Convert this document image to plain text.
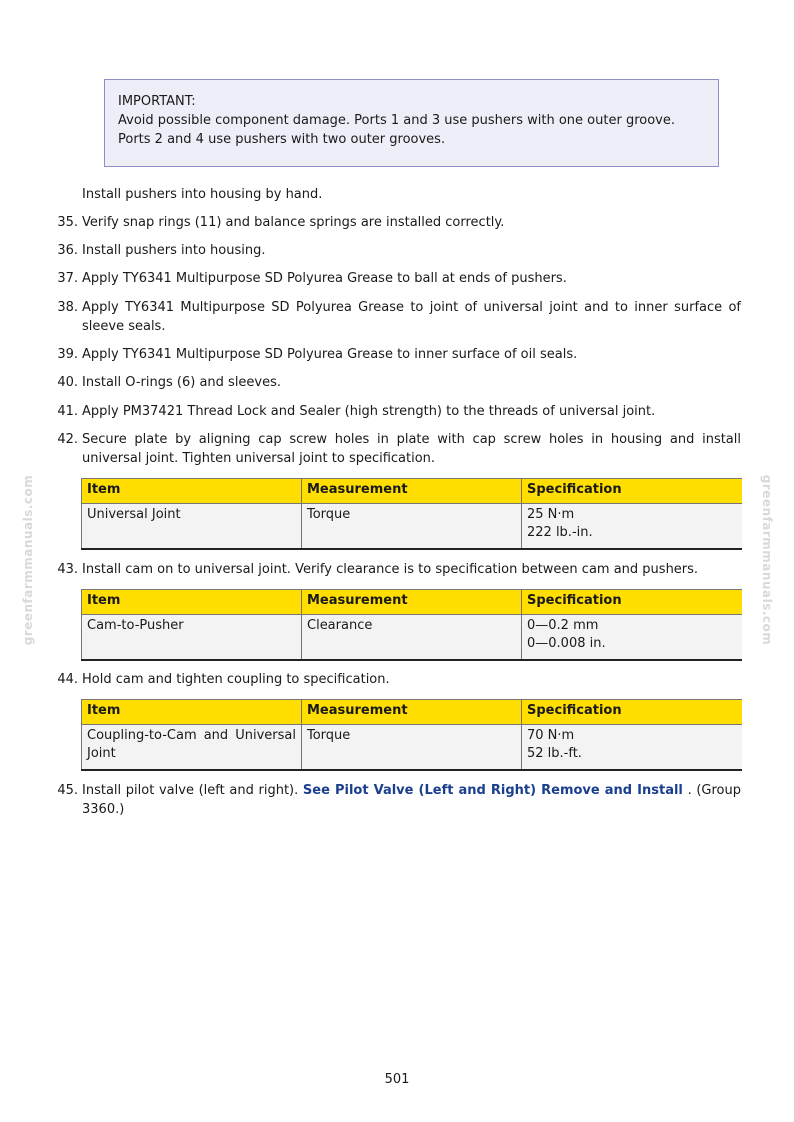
IMPORTANT:
Avoid possible component damage. Ports 1 and 3 use pushers with one outer groove. Ports 2 and 4 use pushers with two outer grooves.
Install pushers into housing by hand.
35. Verify snap rings (11) and balance springs are installed correctly.
36. Install pushers into housing.
37. Apply TY6341 Multipurpose SD Polyurea Grease to ball at ends of pushers.
38. Apply TY6341 Multipurpose SD Polyurea Grease to joint of universal joint and to inner surface of sleeve seals.
39. Apply TY6341 Multipurpose SD Polyurea Grease to inner surface of oil seals.
40. Install O-rings (6) and sleeves.
41. Apply PM37421 Thread Lock and Sealer (high strength) to the threads of universal joint.
42. Secure plate by aligning cap screw holes in plate with cap screw holes in housing and install universal joint. Tighten universal joint to specification.
Item	Measurement	Specification
Universal Joint	Torque	25 N·m
222 lb.-in.
43. Install cam on to universal joint. Verify clearance is to specification between cam and pushers.
Item	Measurement	Specification
Cam-to-Pusher	Clearance	0—0.2 mm
0—0.008 in.
44. Hold cam and tighten coupling to specification.
Item	Measurement	Specification
Coupling-to-Cam and Universal Joint	Torque	70 N·m
52 lb.-ft.
45. Install pilot valve (left and right). See Pilot Valve (Left and Right) Remove and Install . (Group 3360.)
greenfarmmanuals.com	greenfarmmanuals.com
501
